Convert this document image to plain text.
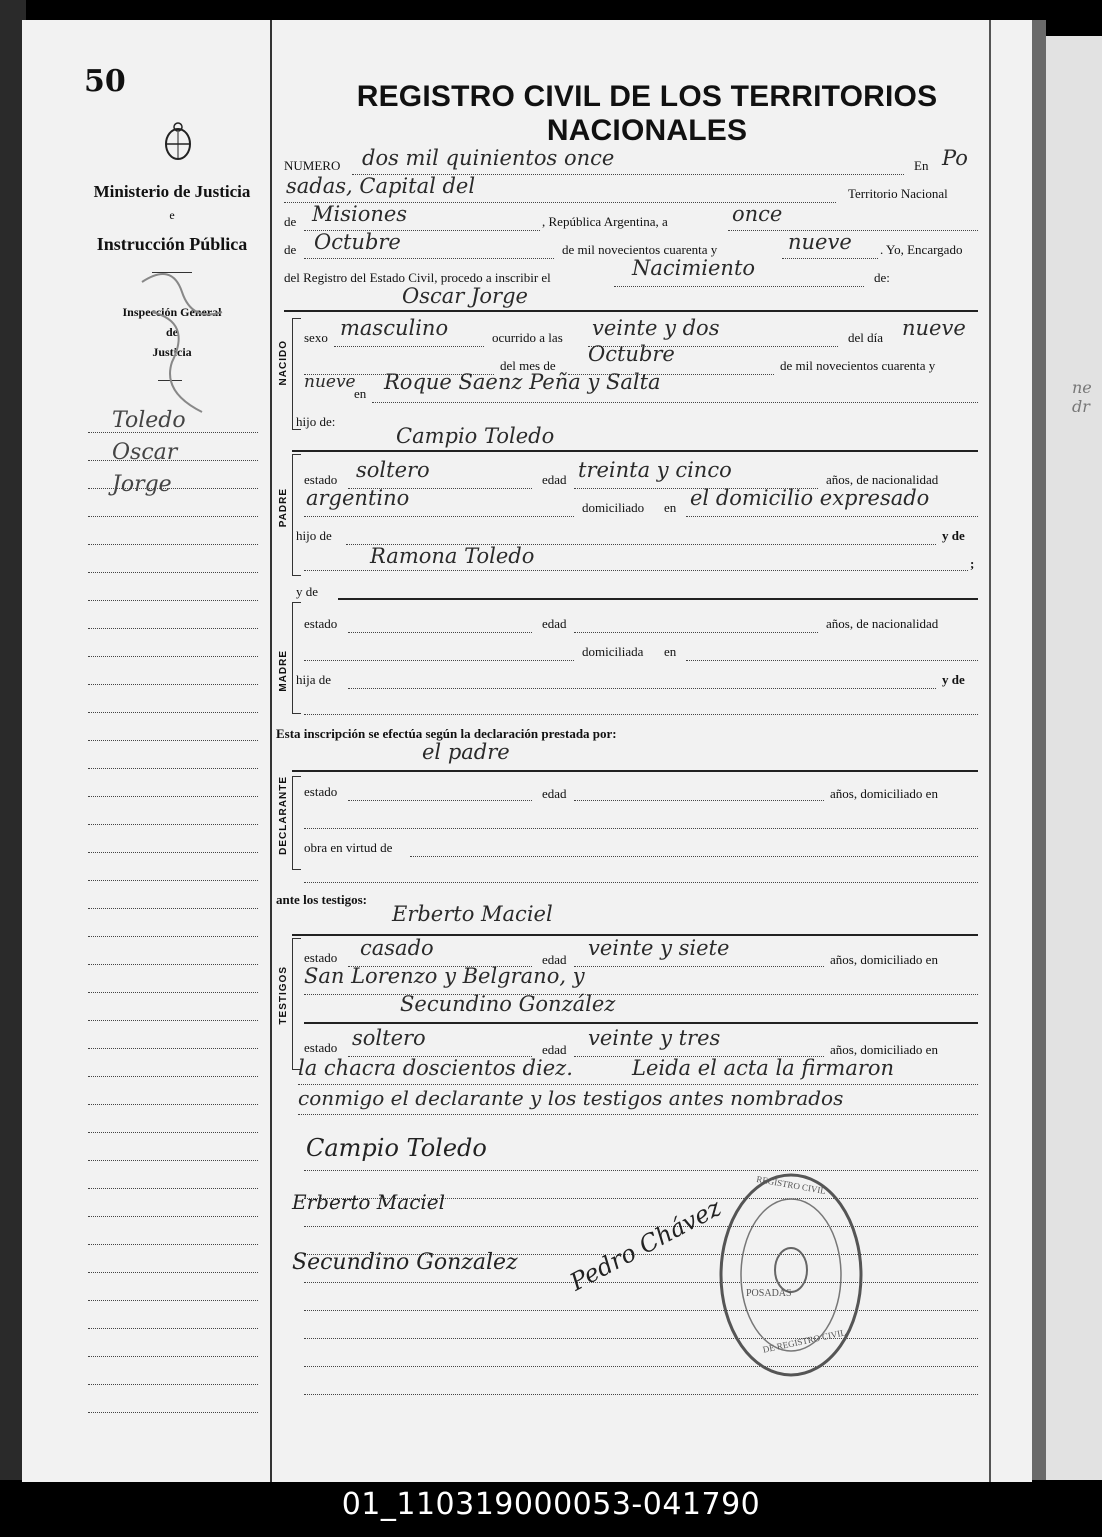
50
Ministerio de Justicia
e
Instrucción Pública
Inspección General
de
Justicia
Toledo
Oscar
Jorge
REGISTRO CIVIL DE LOS TERRITORIOS NACIONALES
NUMERO dos mil quinientos once	En Po
sadas, Capital del	Territorio Nacional
de Misiones	, República Argentina, a	once
de Octubre	de mil novecientos cuarenta y	nueve . Yo, Encargado
del Registro del Estado Civil, procedo a inscribir el	Nacimiento	de:
Oscar Jorge
NACIDO
sexo masculino	ocurrido a las veinte y dos	del día nueve
del mes de Octubre	de mil novecientos cuarenta y
nueve
en Roque Saenz Peña y Salta
hijo de:
Campio Toledo
PADRE
estado soltero	edad treinta y cinco	años, de nacionalidad
argentino	domiciliado en el domicilio expresado
hijo de	y de
Ramona Toledo	;
y de
MADRE
estado	edad	años, de nacionalidad
domiciliada en
hija de	y de
Esta inscripción se efectúa según la declaración prestada por:
el padre
DECLARANTE estado	edad	años, domiciliado en
obra en virtud de
ante los testigos:
Erberto Maciel
TESTIGOS
estado casado	edad veinte y siete	años, domiciliado en
San Lorenzo y Belgrano, y
Secundino González
estado soltero	edad veinte y tres	años, domiciliado en
la chacra doscientos diez.	Leida el acta la firmaron
conmigo el declarante y los testigos antes nombrados
Campio Toledo
Erberto Maciel
Secundino Gonzalez Pedro Chávez POSADAS
DE REGISTRO CIVIL
REGISTRO CIVIL
ne dr
01_110319000053-041790
